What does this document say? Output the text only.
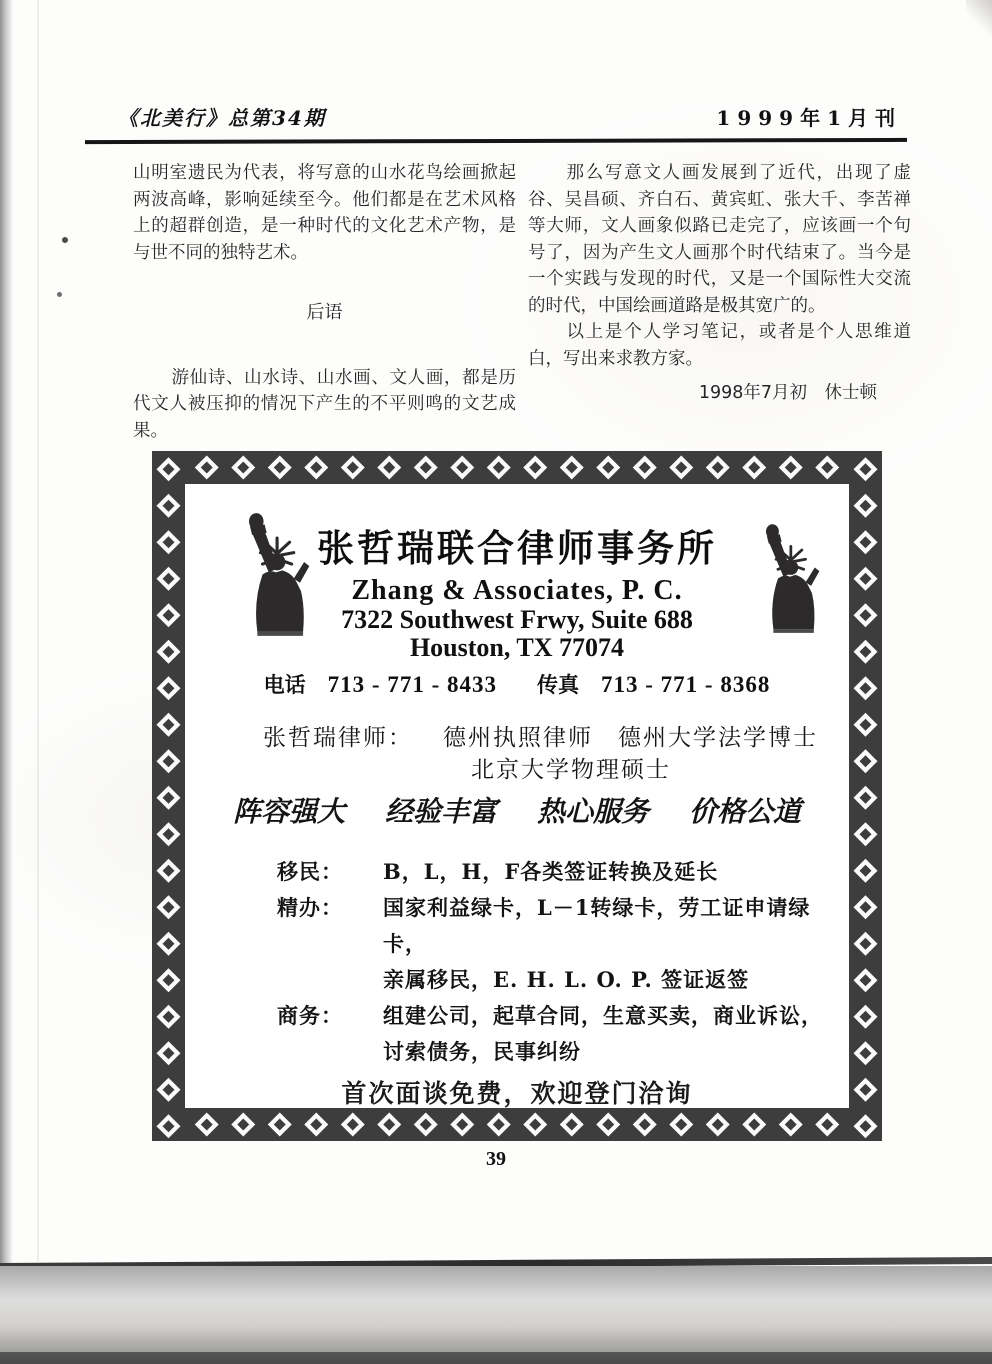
《北美行》总第34期	1999年1月刊

山明室遗民为代表，将写意的山水花鸟绘画掀起两波高峰，影响延续至今。他们都是在艺术风格上的超群创造，是一种时代的文化艺术产物，是与世不同的独特艺术。

后语

游仙诗、山水诗、山水画、文人画，都是历代文人被压抑的情况下产生的不平则鸣的文艺成果。

那么写意文人画发展到了近代，出现了虚谷、吴昌硕、齐白石、黄宾虹、张大千、李苦禅等大师，文人画象似路已走完了，应该画一个句号了，因为产生文人画那个时代结束了。当今是一个实践与发现的时代，又是一个国际性大交流的时代，中国绘画道路是极其宽广的。

以上是个人学习笔记，或者是个人思维道白，写出来求教方家。

1998年7月初　休士顿
张哲瑞联合律师事务所
Zhang & Associates, P. C.
7322 Southwest Frwy, Suite 688
Houston, TX 77074
电话 713 - 771 - 8433 传真 713 - 771 - 8368
张哲瑞律师： 德州执照律师　德州大学法学博士
北京大学物理硕士
阵容强大 经验丰富 热心服务 价格公道
移民：	B，L，H，F各类签证转换及延长
精办：	国家利益绿卡，L－1转绿卡，劳工证申请绿卡，
亲属移民，E. H. L. O. P. 签证返签
商务：	组建公司，起草合同，生意买卖，商业诉讼，
讨索债务，民事纠纷
首次面谈免费，欢迎登门洽询
39
